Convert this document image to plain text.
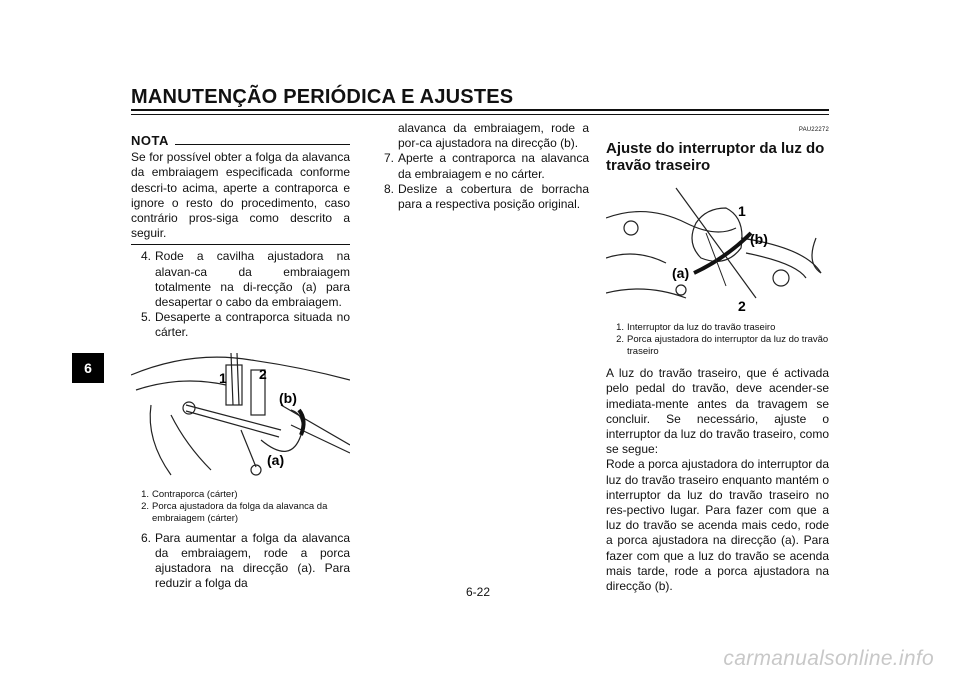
MANUTENÇÃO PERIÓDICA E AJUSTES
6
NOTA
Se for possível obter a folga da alavanca da embraiagem especificada conforme descri-to acima, aperte a contraporca e ignore o resto do procedimento, caso contrário pros-siga como descrito a seguir.
4. Rode a cavilha ajustadora na alavan-ca da embraiagem totalmente na di-recção (a) para desapertar o cabo da embraiagem.
5. Desaperte a contraporca situada no cárter.
1 2
(b)
(a)
1. Contraporca (cárter)
2. Porca ajustadora da folga da alavanca da embraiagem (cárter)
6. Para aumentar a folga da alavanca da embraiagem, rode a porca ajustadora na direcção (a). Para reduzir a folga da
alavanca da embraiagem, rode a por-ca ajustadora na direcção (b).
7. Aperte a contraporca na alavanca da embraiagem e no cárter.
8. Deslize a cobertura de borracha para a respectiva posição original.
PAU22272
Ajuste do interruptor da luz do travão traseiro
1
(b)
(a)
2
1. Interruptor da luz do travão traseiro
2. Porca ajustadora do interruptor da luz do travão traseiro
A luz do travão traseiro, que é activada pelo pedal do travão, deve acender-se imediata-mente antes da travagem se concluir. Se necessário, ajuste o interruptor da luz do travão traseiro, como se segue:
Rode a porca ajustadora do interruptor da luz do travão traseiro enquanto mantém o interruptor da luz do travão traseiro no res-pectivo lugar. Para fazer com que a luz do travão se acenda mais cedo, rode a porca ajustadora na direcção (a). Para fazer com que a luz do travão se acenda mais tarde, rode a porca ajustadora na direcção (b).
6-22
carmanualsonline.info
